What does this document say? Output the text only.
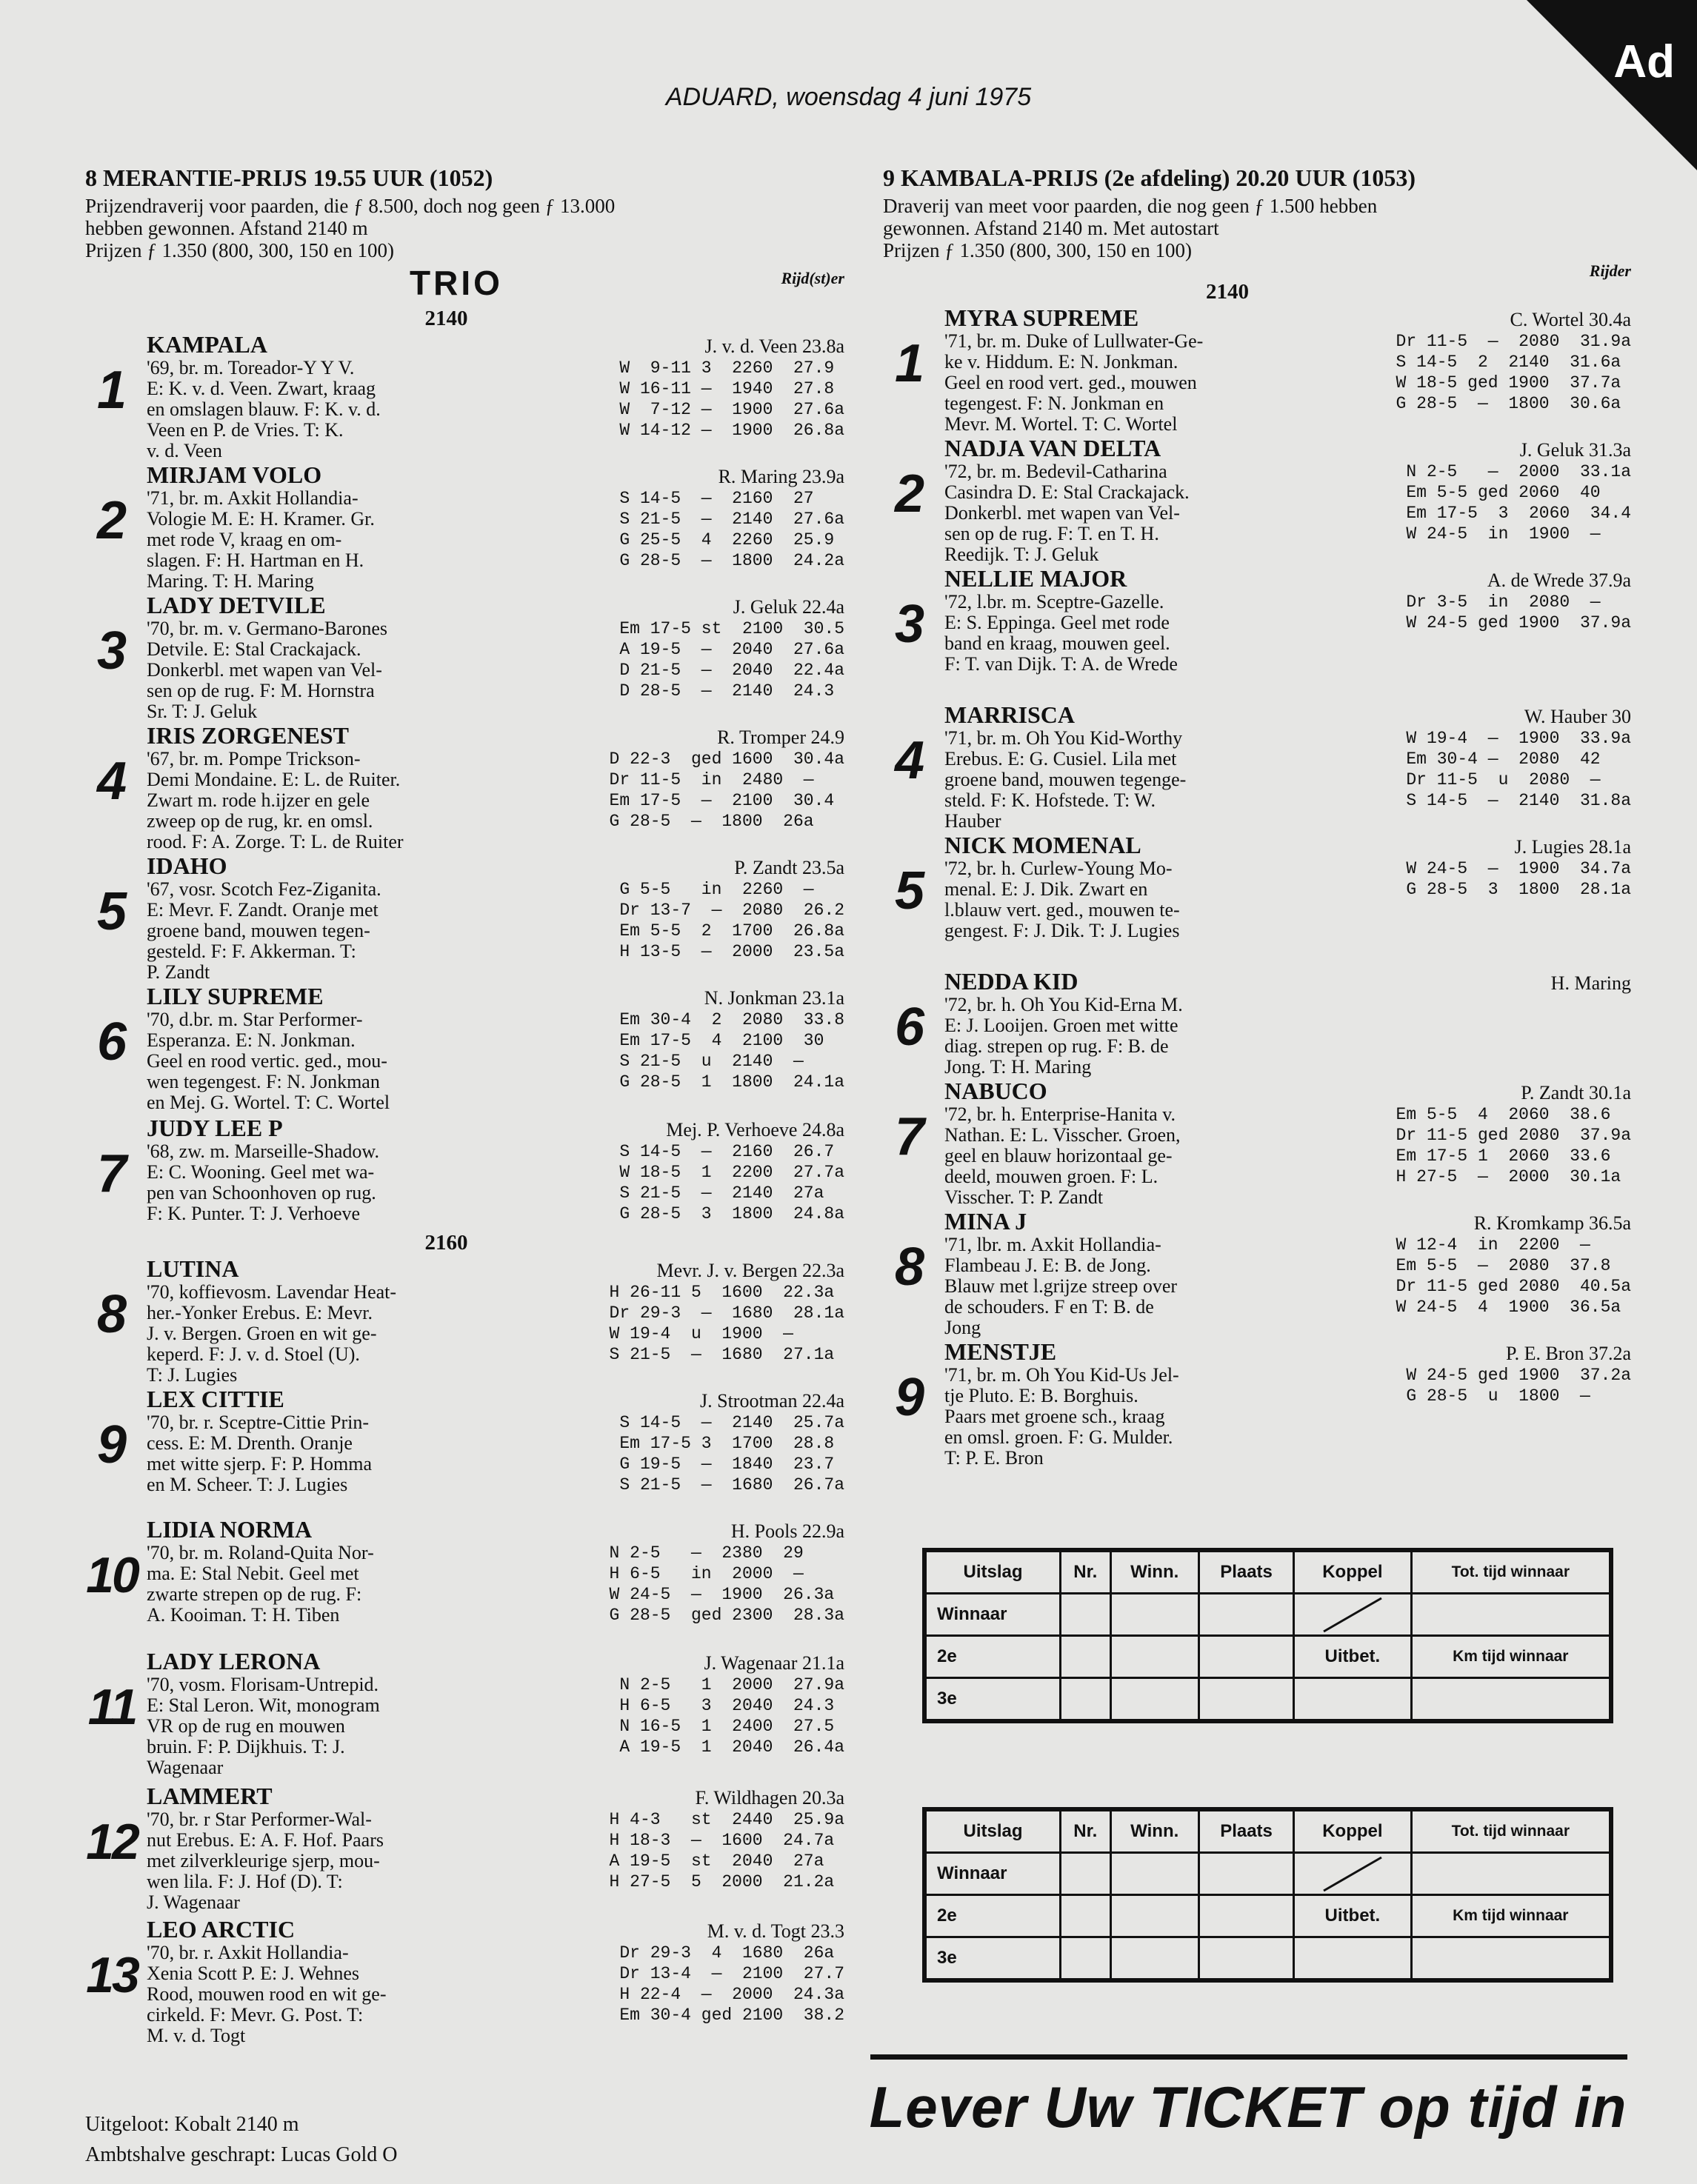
Ad
ADUARD, woensdag 4 juni 1975

8 MERANTIE-PRIJS 19.55 UUR (1052)

Prijzendraverij voor paarden, die ƒ 8.500, doch nog geen ƒ 13.000
hebben gewonnen. Afstand 2140 m
Prijzen ƒ 1.350 (800, 300, 150 en 100)

TRIO	Rijd(st)er
2140
1
KAMPALA	J. v. d. Veen 23.8a
'69, br. m. Toreador-Y Y V.
E: K. v. d. Veen. Zwart, kraag
en omslagen blauw. F: K. v. d.
Veen en P. de Vries. T: K.
v. d. Veen
W  9-11 3  2260  27.9
W 16-11 —  1940  27.8
W  7-12 —  1900  27.6a
W 14-12 —  1900  26.8a
2
MIRJAM VOLO	R. Maring 23.9a
'71, br. m. Axkit Hollandia-
Vologie M. E: H. Kramer. Gr.
met rode V, kraag en om-
slagen. F: H. Hartman en H.
Maring. T: H. Maring
S 14-5  —  2160  27
S 21-5  —  2140  27.6a
G 25-5  4  2260  25.9
G 28-5  —  1800  24.2a
3
LADY DETVILE	J. Geluk 22.4a
'70, br. m. v. Germano-Barones
Detvile. E: Stal Crackajack.
Donkerbl. met wapen van Vel-
sen op de rug. F: M. Hornstra
Sr. T: J. Geluk
Em 17-5 st  2100  30.5
A 19-5  —  2040  27.6a
D 21-5  —  2040  22.4a
D 28-5  —  2140  24.3
4
IRIS ZORGENEST	R. Tromper 24.9
'67, br. m. Pompe Trickson-
Demi Mondaine. E: L. de Ruiter.
Zwart m. rode h.ijzer en gele
zweep op de rug, kr. en omsl.
rood. F: A. Zorge. T: L. de Ruiter
D 22-3  ged 1600  30.4a
Dr 11-5  in  2480  —
Em 17-5  —  2100  30.4
G 28-5  —  1800  26a
5
IDAHO	P. Zandt 23.5a
'67, vosr. Scotch Fez-Ziganita.
E: Mevr. F. Zandt. Oranje met
groene band, mouwen tegen-
gesteld. F: F. Akkerman. T:
P. Zandt
G 5-5   in  2260  —
Dr 13-7  —  2080  26.2
Em 5-5  2  1700  26.8a
H 13-5  —  2000  23.5a
6
LILY SUPREME	N. Jonkman 23.1a
'70, d.br. m. Star Performer-
Esperanza. E: N. Jonkman.
Geel en rood vertic. ged., mou-
wen tegengest. F: N. Jonkman
en Mej. G. Wortel. T: C. Wortel
Em 30-4  2  2080  33.8
Em 17-5  4  2100  30
S 21-5  u  2140  —
G 28-5  1  1800  24.1a
7
JUDY LEE P	Mej. P. Verhoeve 24.8a
'68, zw. m. Marseille-Shadow.
E: C. Wooning. Geel met wa-
pen van Schoonhoven op rug.
F: K. Punter. T: J. Verhoeve
S 14-5  —  2160  26.7
W 18-5  1  2200  27.7a
S 21-5  —  2140  27a
G 28-5  3  1800  24.8a
2160
8
LUTINA	Mevr. J. v. Bergen 22.3a
'70, koffievosm. Lavendar Heat-
her.-Yonker Erebus. E: Mevr.
J. v. Bergen. Groen en wit ge-
keperd. F: J. v. d. Stoel (U).
T: J. Lugies
H 26-11 5  1600  22.3a
Dr 29-3  —  1680  28.1a
W 19-4  u  1900  —
S 21-5  —  1680  27.1a
9
LEX CITTIE	J. Strootman 22.4a
'70, br. r. Sceptre-Cittie Prin-
cess. E: M. Drenth. Oranje
met witte sjerp. F: P. Homma
en M. Scheer. T: J. Lugies
S 14-5  —  2140  25.7a
Em 17-5 3  1700  28.8
G 19-5  —  1840  23.7
S 21-5  —  1680  26.7a
10
LIDIA NORMA	H. Pools 22.9a
'70, br. m. Roland-Quita Nor-
ma. E: Stal Nebit. Geel met
zwarte strepen op de rug. F:
A. Kooiman. T: H. Tiben
N 2-5   —  2380  29
H 6-5   in  2000  —
W 24-5  —  1900  26.3a
G 28-5  ged 2300  28.3a
11
LADY LERONA	J. Wagenaar 21.1a
'70, vosm. Florisam-Untrepid.
E: Stal Leron. Wit, monogram
VR op de rug en mouwen
bruin. F: P. Dijkhuis. T: J.
Wagenaar
N 2-5   1  2000  27.9a
H 6-5   3  2040  24.3
N 16-5  1  2400  27.5
A 19-5  1  2040  26.4a
12
LAMMERT	F. Wildhagen 20.3a
'70, br. r Star Performer-Wal-
nut Erebus. E: A. F. Hof. Paars
met zilverkleurige sjerp, mou-
wen lila. F: J. Hof (D). T:
J. Wagenaar
H 4-3   st  2440  25.9a
H 18-3  —  1600  24.7a
A 19-5  st  2040  27a
H 27-5  5  2000  21.2a
13
LEO ARCTIC	M. v. d. Togt 23.3
'70, br. r. Axkit Hollandia-
Xenia Scott P. E: J. Wehnes
Rood, mouwen rood en wit ge-
cirkeld. F: Mevr. G. Post. T:
M. v. d. Togt
Dr 29-3  4  1680  26a
Dr 13-4  —  2100  27.7
H 22-4  —  2000  24.3a
Em 30-4 ged 2100  38.2

Uitgeloot: Kobalt 2140 m

Ambtshalve geschrapt: Lucas Gold O

9 KAMBALA-PRIJS (2e afdeling) 20.20 UUR (1053)

Draverij van meet voor paarden, die nog geen ƒ 1.500 hebben
gewonnen. Afstand 2140 m. Met autostart
Prijzen ƒ 1.350 (800, 300, 150 en 100)

Rijder
2140
1
MYRA SUPREME	C. Wortel 30.4a
'71, br. m. Duke of Lullwater-Ge-
ke v. Hiddum. E: N. Jonkman.
Geel en rood vert. ged., mouwen
tegengest. F: N. Jonkman en
Mevr. M. Wortel. T: C. Wortel
Dr 11-5  —  2080  31.9a
S 14-5  2  2140  31.6a
W 18-5 ged 1900  37.7a
G 28-5  —  1800  30.6a
2
NADJA VAN DELTA	J. Geluk 31.3a
'72, br. m. Bedevil-Catharina
Casindra D. E: Stal Crackajack.
Donkerbl. met wapen van Vel-
sen op de rug. F: T. en T. H.
Reedijk. T: J. Geluk
N 2-5   —  2000  33.1a
Em 5-5 ged 2060  40
Em 17-5  3  2060  34.4
W 24-5  in  1900  —
3
NELLIE MAJOR	A. de Wrede 37.9a
'72, l.br. m. Sceptre-Gazelle.
E: S. Eppinga. Geel met rode
band en kraag, mouwen geel.
F: T. van Dijk. T: A. de Wrede
Dr 3-5  in  2080  —
W 24-5 ged 1900  37.9a
4
MARRISCA	W. Hauber 30
'71, br. m. Oh You Kid-Worthy
Erebus. E: G. Cusiel. Lila met
groene band, mouwen tegenge-
steld. F: K. Hofstede. T: W.
Hauber
W 19-4  —  1900  33.9a
Em 30-4 —  2080  42
Dr 11-5  u  2080  —
S 14-5  —  2140  31.8a
5
NICK MOMENAL	J. Lugies 28.1a
'72, br. h. Curlew-Young Mo-
menal. E: J. Dik. Zwart en
l.blauw vert. ged., mouwen te-
gengest. F: J. Dik. T: J. Lugies
W 24-5  —  1900  34.7a
G 28-5  3  1800  28.1a
6
NEDDA KID	H. Maring
'72, br. h. Oh You Kid-Erna M.
E: J. Looijen. Groen met witte
diag. strepen op rug. F: B. de
Jong. T: H. Maring
7
NABUCO	P. Zandt 30.1a
'72, br. h. Enterprise-Hanita v.
Nathan. E: L. Visscher. Groen,
geel en blauw horizontaal ge-
deeld, mouwen groen. F: L.
Visscher. T: P. Zandt
Em 5-5  4  2060  38.6
Dr 11-5 ged 2080  37.9a
Em 17-5 1  2060  33.6
H 27-5  —  2000  30.1a
8
MINA J	R. Kromkamp 36.5a
'71, lbr. m. Axkit Hollandia-
Flambeau J. E: B. de Jong.
Blauw met l.grijze streep over
de schouders. F en T: B. de
Jong
W 12-4  in  2200  —
Em 5-5  —  2080  37.8
Dr 11-5 ged 2080  40.5a
W 24-5  4  1900  36.5a
9
MENSTJE	P. E. Bron 37.2a
'71, br. m. Oh You Kid-Us Jel-
tje Pluto. E: B. Borghuis.
Paars met groene sch., kraag
en omsl. groen. F: G. Mulder.
T: P. E. Bron
W 24-5 ged 1900  37.2a
G 28-5  u  1800  —
Uitslag	Nr.	Winn.	Plaats	Koppel	Tot. tijd winnaar
Winnaar				

2e				Uitbet.	Km tijd winnaar
3e					
Uitslag	Nr.	Winn.	Plaats	Koppel	Tot. tijd winnaar
Winnaar				

2e				Uitbet.	Km tijd winnaar
3e					
Lever Uw TICKET op tijd in
